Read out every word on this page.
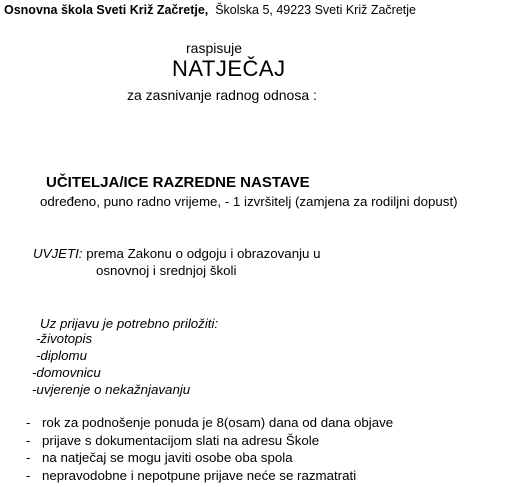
Osnovna škola Sveti Križ Začretje, Školska 5, 49223 Sveti Križ Začretje
raspisuje
NATJEČAJ
za zasnivanje radnog odnosa :
UČITELJA/ICE RAZREDNE NASTAVE
određeno, puno radno vrijeme, - 1 izvršitelj (zamjena za rodiljni dopust)
UVJETI: prema Zakonu o odgoju i obrazovanju u
osnovnoj i srednjoj školi
Uz prijavu je potrebno priložiti:
-životopis
-diplomu
-domovnicu
-uvjerenje o nekažnjavanju
- rok za podnošenje ponuda je 8(osam) dana od dana objave
- prijave s dokumentacijom slati na adresu Škole
- na natječaj se mogu javiti osobe oba spola
- nepravodobne i nepotpune prijave neće se razmatrati
